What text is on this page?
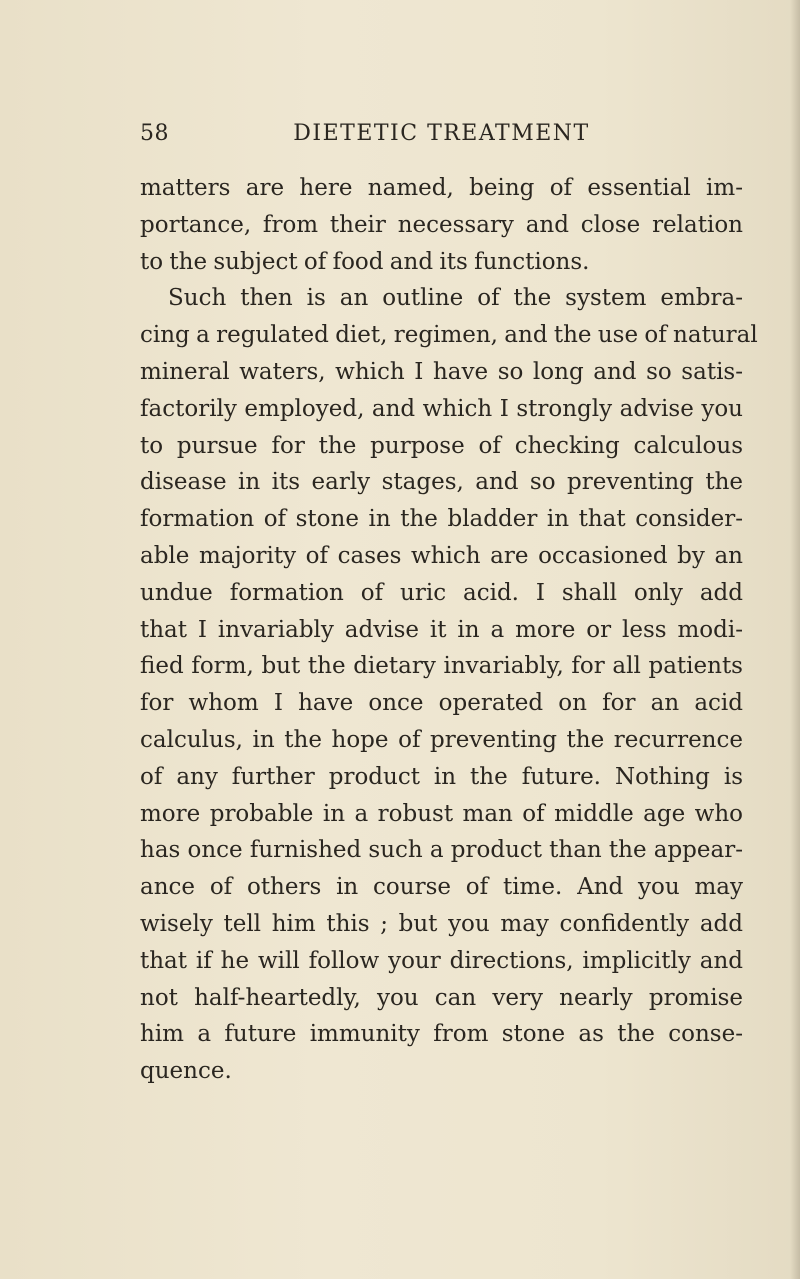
58	DIETETIC TREATMENT
matters are here named, being of essential im-
portance, from their necessary and close relation
to the subject of food and its functions.
Such then is an outline of the system embra-
cing a regulated diet, regimen, and the use of natural
mineral waters, which I have so long and so satis-
factorily employed, and which I strongly advise you
to pursue for the purpose of checking calculous
disease in its early stages, and so preventing the
formation of stone in the bladder in that consider-
able majority of cases which are occasioned by an
undue formation of uric acid. I shall only add
that I invariably advise it in a more or less modi-
fied form, but the dietary invariably, for all patients
for whom I have once operated on for an acid
calculus, in the hope of preventing the recurrence
of any further product in the future. Nothing is
more probable in a robust man of middle age who
has once furnished such a product than the appear-
ance of others in course of time. And you may
wisely tell him this ; but you may confidently add
that if he will follow your directions, implicitly and
not half-heartedly, you can very nearly promise
him a future immunity from stone as the conse-
quence.
